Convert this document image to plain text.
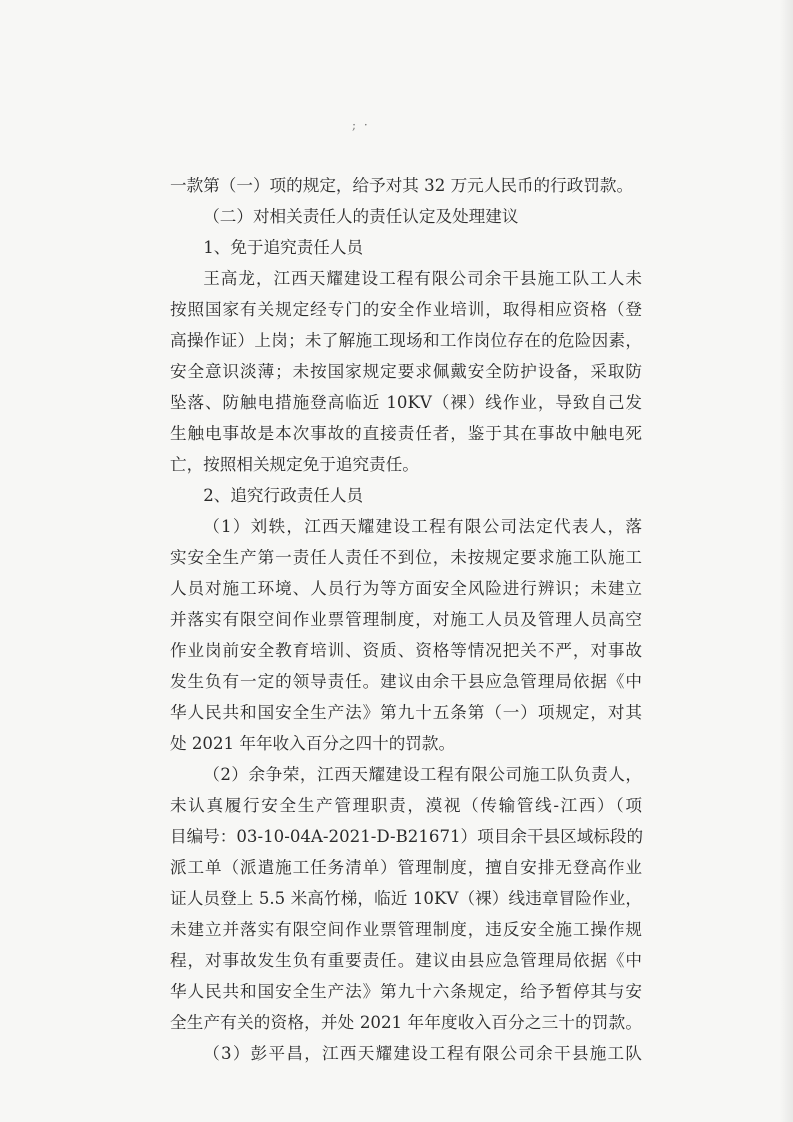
; ·
一款第（一）项的规定，给予对其 32 万元人民币的行政罚款。
（二）对相关责任人的责任认定及处理建议
1、免于追究责任人员
王高龙，江西天耀建设工程有限公司余干县施工队工人未
按照国家有关规定经专门的安全作业培训，取得相应资格（登
高操作证）上岗；未了解施工现场和工作岗位存在的危险因素，
安全意识淡薄；未按国家规定要求佩戴安全防护设备，采取防
坠落、防触电措施登高临近 10KV（裸）线作业，导致自己发
生触电事故是本次事故的直接责任者，鉴于其在事故中触电死
亡，按照相关规定免于追究责任。
2、追究行政责任人员
（1）刘轶，江西天耀建设工程有限公司法定代表人，落
实安全生产第一责任人责任不到位，未按规定要求施工队施工
人员对施工环境、人员行为等方面安全风险进行辨识；未建立
并落实有限空间作业票管理制度，对施工人员及管理人员高空
作业岗前安全教育培训、资质、资格等情况把关不严，对事故
发生负有一定的领导责任。建议由余干县应急管理局依据《中
华人民共和国安全生产法》第九十五条第（一）项规定，对其
处 2021 年年收入百分之四十的罚款。
（2）余争荣，江西天耀建设工程有限公司施工队负责人，
未认真履行安全生产管理职责，漠视（传输管线-江西）（项
目编号：03-10-04A-2021-D-B21671）项目余干县区域标段的
派工单（派遣施工任务清单）管理制度，擅自安排无登高作业
证人员登上 5.5 米高竹梯，临近 10KV（裸）线违章冒险作业，
未建立并落实有限空间作业票管理制度，违反安全施工操作规
程，对事故发生负有重要责任。建议由县应急管理局依据《中
华人民共和国安全生产法》第九十六条规定，给予暂停其与安
全生产有关的资格，并处 2021 年年度收入百分之三十的罚款。
（3）彭平昌，江西天耀建设工程有限公司余干县施工队
